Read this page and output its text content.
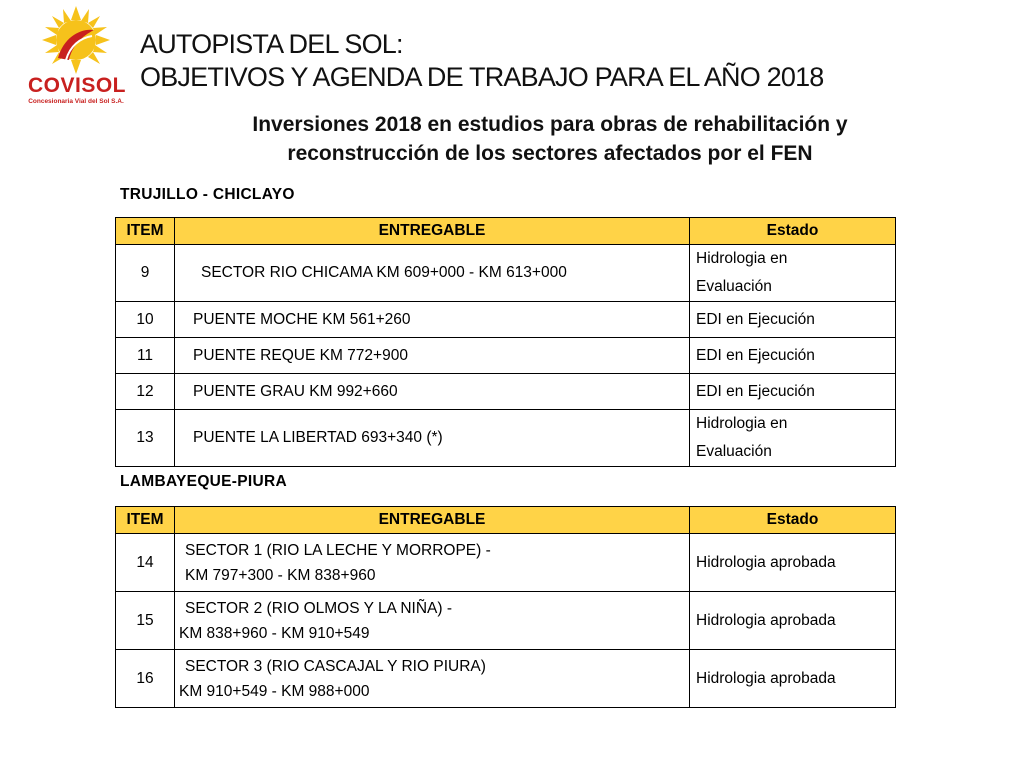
COVISOL
Concesionaria Vial del Sol S.A.
AUTOPISTA DEL SOL:
OBJETIVOS Y AGENDA DE TRABAJO PARA EL AÑO 2018
Inversiones 2018 en estudios para obras de rehabilitación y
reconstrucción de los sectores afectados por el FEN
TRUJILLO - CHICLAYO
ITEM	ENTREGABLE	Estado
9	SECTOR RIO CHICAMA KM 609+000 - KM 613+000	Hidrologia en Evaluación

10	PUENTE MOCHE KM 561+260	EDI en Ejecución
11	PUENTE REQUE KM 772+900	EDI en Ejecución
12	PUENTE GRAU KM 992+660	EDI en Ejecución
13	PUENTE LA LIBERTAD 693+340 (*)	Hidrologia en Evaluación
LAMBAYEQUE-PIURA
ITEM	ENTREGABLE	Estado
14	SECTOR 1 (RIO LA LECHE Y MORROPE) -
KM 797+300 - KM 838+960	Hidrologia aprobada
15	SECTOR 2 (RIO OLMOS Y LA NIÑA) -
KM 838+960 - KM 910+549	Hidrologia aprobada
16	SECTOR 3 (RIO CASCAJAL Y RIO PIURA)
KM 910+549 - KM 988+000	Hidrologia aprobada
